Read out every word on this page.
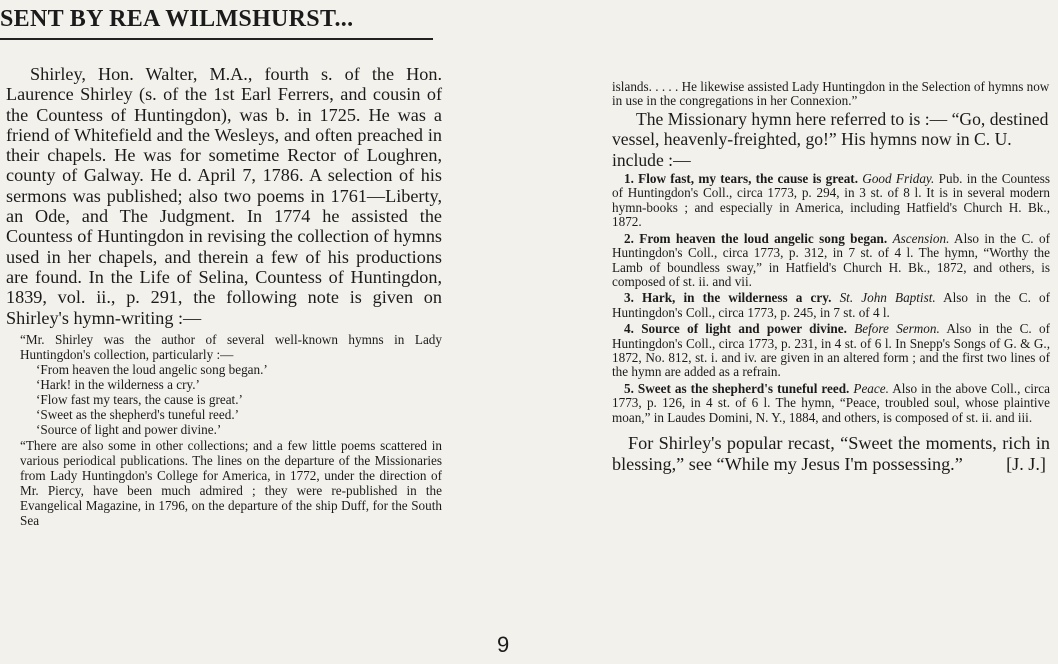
SENT BY REA WILMSHURST...

Shirley, Hon. Walter, M.A., fourth s. of the Hon. Laurence Shirley (s. of the 1st Earl Ferrers, and cousin of the Countess of Huntingdon), was b. in 1725. He was a friend of Whitefield and the Wesleys, and often preached in their chapels. He was for sometime Rector of Loughren, county of Galway. He d. April 7, 1786. A selection of his sermons was published; also two poems in 1761—Liberty, an Ode, and The Judgment. In 1774 he assisted the Countess of Huntingdon in revising the collection of hymns used in her chapels, and therein a few of his productions are found. In the Life of Selina, Countess of Huntingdon, 1839, vol. ii., p. 291, the following note is given on Shirley's hymn-writing :—

“Mr. Shirley was the author of several well-known hymns in Lady Huntingdon's collection, particularly :—

‘From heaven the loud angelic song began.’

‘Hark! in the wilderness a cry.’

‘Flow fast my tears, the cause is great.’

‘Sweet as the shepherd's tuneful reed.’

‘Source of light and power divine.’

“There are also some in other collections; and a few little poems scattered in various periodical publications. The lines on the departure of the Missionaries from Lady Huntingdon's College for America, in 1772, under the direction of Mr. Piercy, have been much admired ; they were re-published in the Evangelical Magazine, in 1796, on the departure of the ship Duff, for the South Sea

islands. . . . . He likewise assisted Lady Huntingdon in the Selection of hymns now in use in the congregations in her Connexion.”

The Missionary hymn here referred to is :— “Go, destined vessel, heavenly-freighted, go!” His hymns now in C. U. include :—

1. Flow fast, my tears, the cause is great. Good Friday. Pub. in the Countess of Huntingdon's Coll., circa 1773, p. 294, in 3 st. of 8 l. It is in several modern hymn-books ; and especially in America, including Hatfield's Church H. Bk., 1872.

2. From heaven the loud angelic song began. Ascension. Also in the C. of Huntingdon's Coll., circa 1773, p. 312, in 7 st. of 4 l. The hymn, “Worthy the Lamb of boundless sway,” in Hatfield's Church H. Bk., 1872, and others, is composed of st. ii. and vii.

3. Hark, in the wilderness a cry. St. John Baptist. Also in the C. of Huntingdon's Coll., circa 1773, p. 245, in 7 st. of 4 l.

4. Source of light and power divine. Before Sermon. Also in the C. of Huntingdon's Coll., circa 1773, p. 231, in 4 st. of 6 l. In Snepp's Songs of G. & G., 1872, No. 812, st. i. and iv. are given in an altered form ; and the first two lines of the hymn are added as a refrain.

5. Sweet as the shepherd's tuneful reed. Peace. Also in the above Coll., circa 1773, p. 126, in 4 st. of 6 l. The hymn, “Peace, troubled soul, whose plaintive moan,” in Laudes Domini, N. Y., 1884, and others, is composed of st. ii. and iii.

For Shirley's popular recast, “Sweet the moments, rich in blessing,” see “While my Jesus I'm possessing.”	[J. J.]

9
